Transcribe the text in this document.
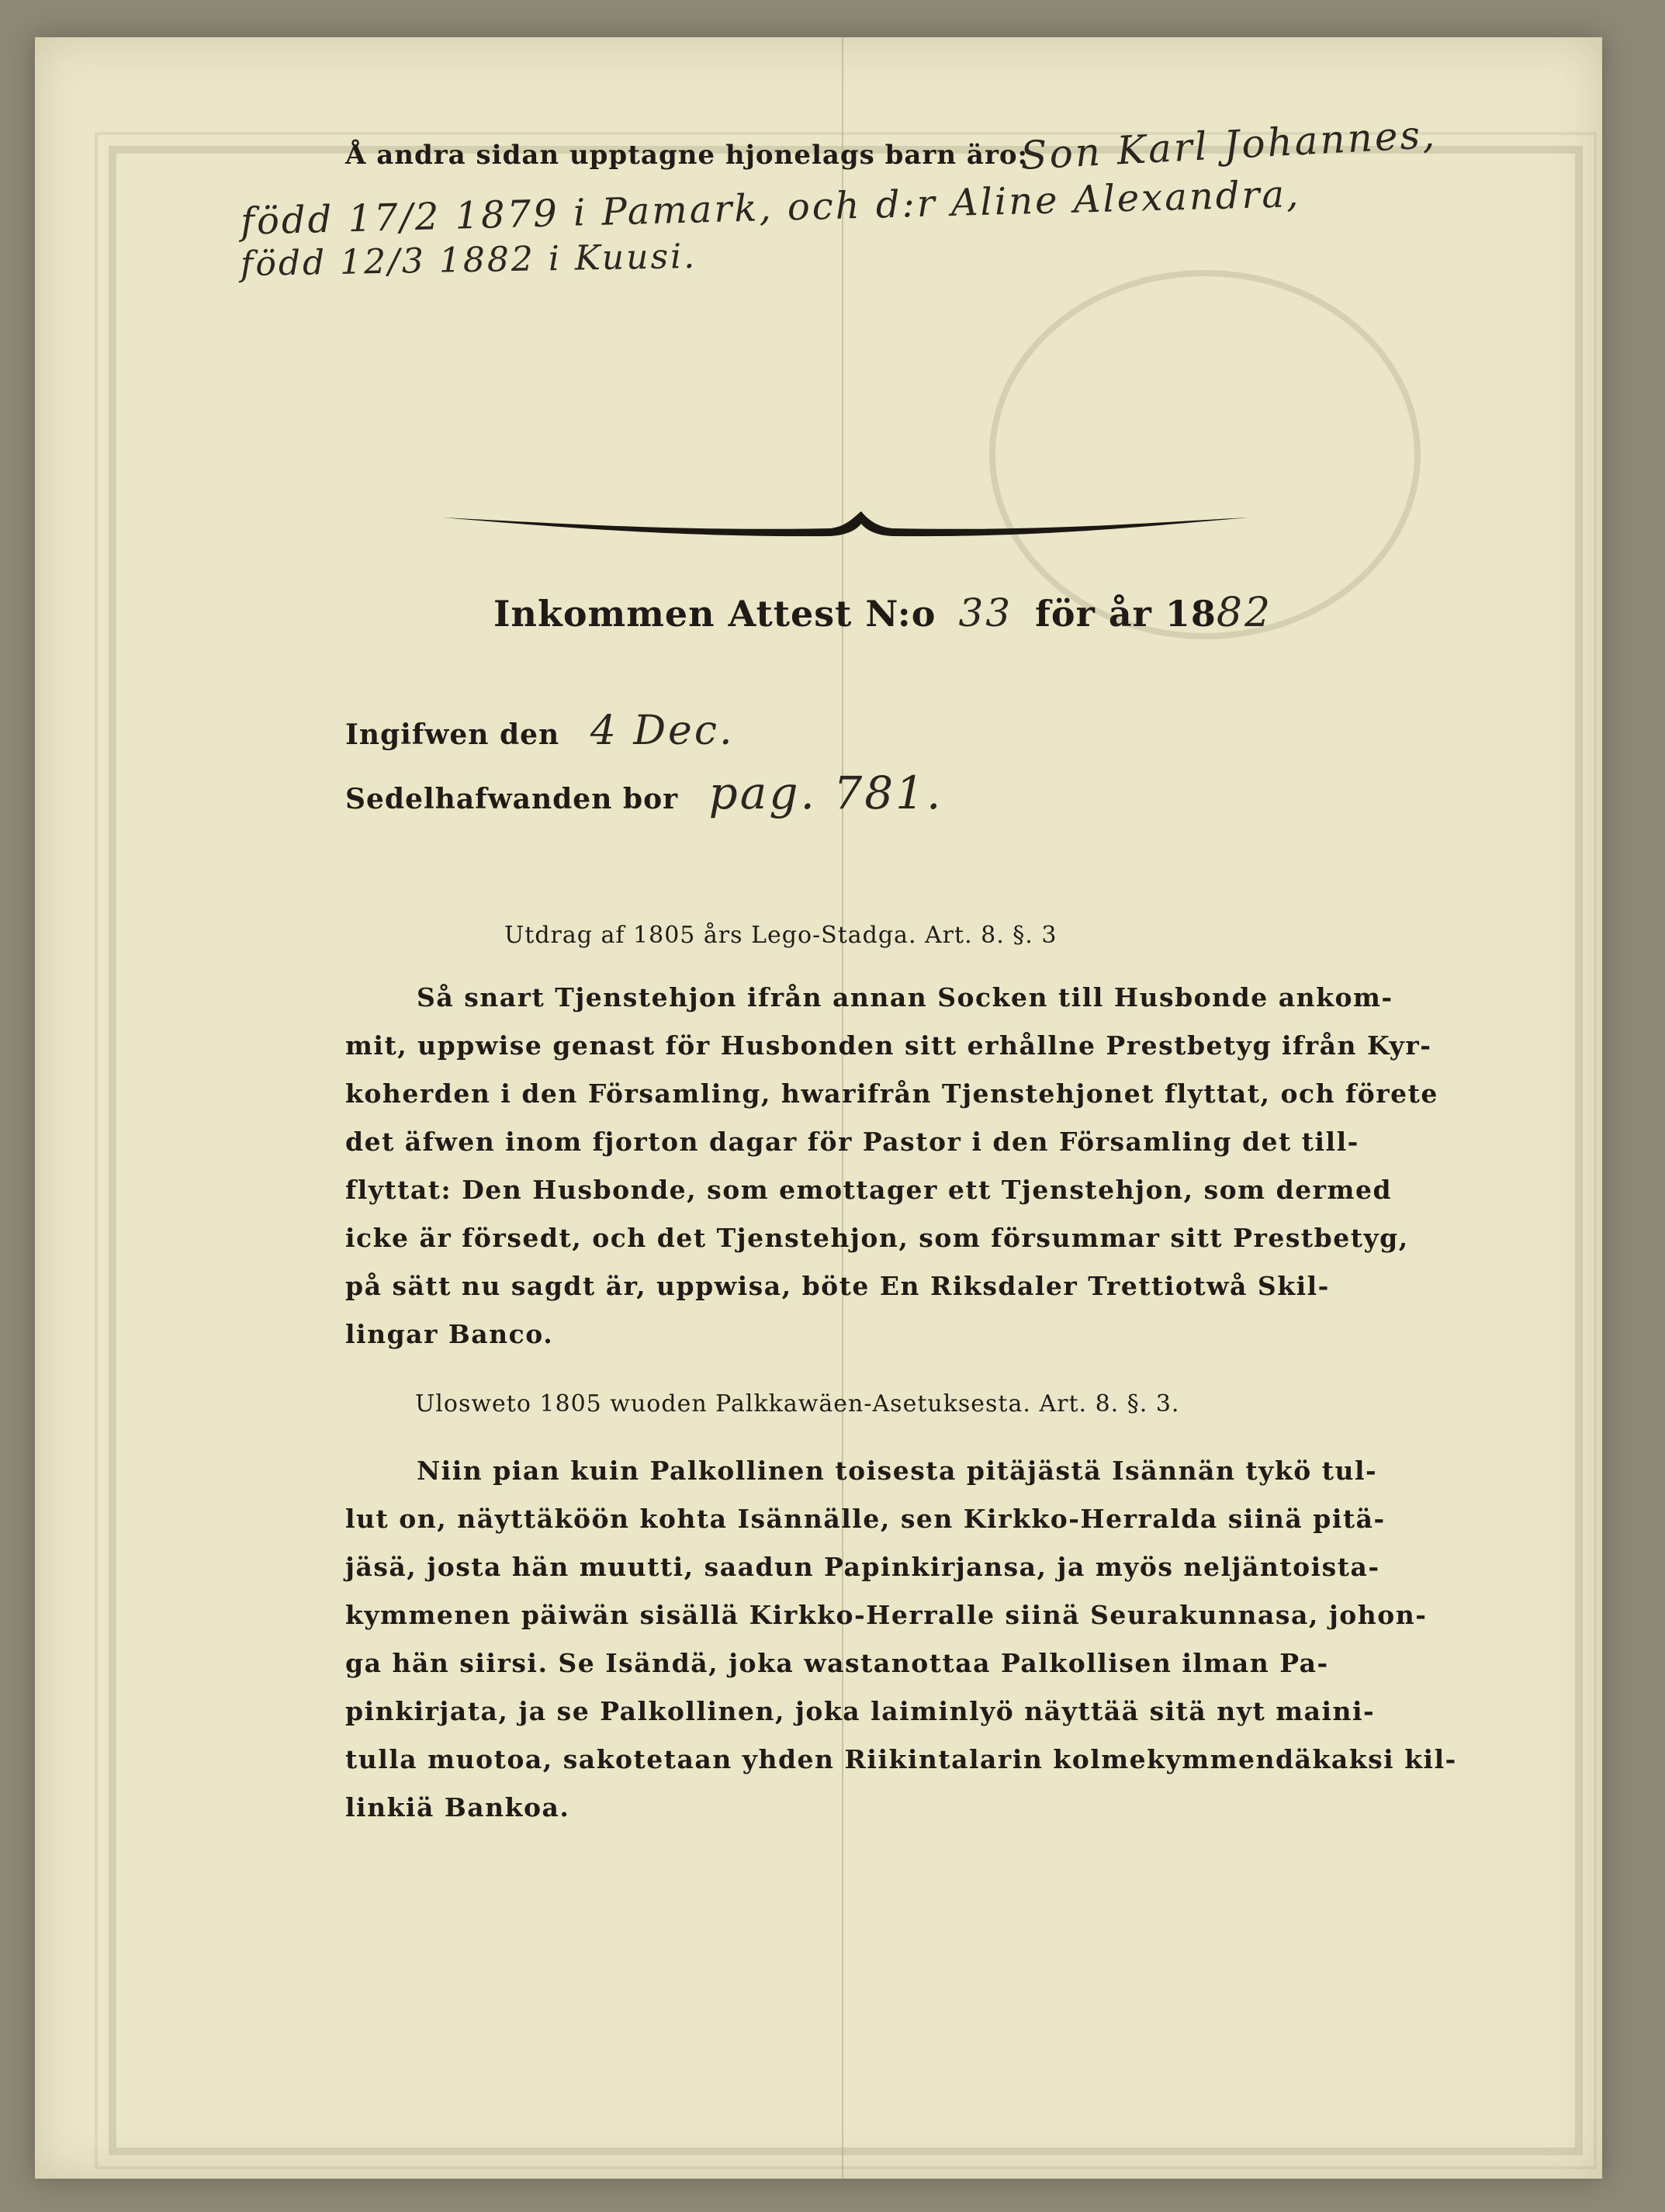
Å andra sidan upptagne hjonelags barn äro:
Son Karl Johannes,
född 17/2 1879 i Pamark, och d:r Aline Alexandra,
född 12/3 1882 i Kuusi.
Inkommen Attest N:o 33 för år 1882
Ingifwen den 4 Dec.
Sedelhafwanden bor pag. 781.
Utdrag af 1805 års Lego-Stadga. Art. 8. §. 3
Så snart Tjenstehjon ifrån annan Socken till Husbonde ankom-
mit, uppwise genast för Husbonden sitt erhållne Prestbetyg ifrån Kyr-
koherden i den Församling, hwarifrån Tjenstehjonet flyttat, och förete
det äfwen inom fjorton dagar för Pastor i den Församling det till-
flyttat: Den Husbonde, som emottager ett Tjenstehjon, som dermed
icke är försedt, och det Tjenstehjon, som försummar sitt Prestbetyg,
på sätt nu sagdt är, uppwisa, böte En Riksdaler Trettiotwå Skil-
lingar Banco.
Ulosweto 1805 wuoden Palkkawäen-Asetuksesta. Art. 8. §. 3.
Niin pian kuin Palkollinen toisesta pitäjästä Isännän tykö tul-
lut on, näyttäköön kohta Isännälle, sen Kirkko-Herralda siinä pitä-
jäsä, josta hän muutti, saadun Papinkirjansa, ja myös neljäntoista-
kymmenen päiwän sisällä Kirkko-Herralle siinä Seurakunnasa, johon-
ga hän siirsi. Se Isändä, joka wastanottaa Palkollisen ilman Pa-
pinkirjata, ja se Palkollinen, joka laiminlyö näyttää sitä nyt maini-
tulla muotoa, sakotetaan yhden Riikintalarin kolmekymmendäkaksi kil-
linkiä Bankoa.
